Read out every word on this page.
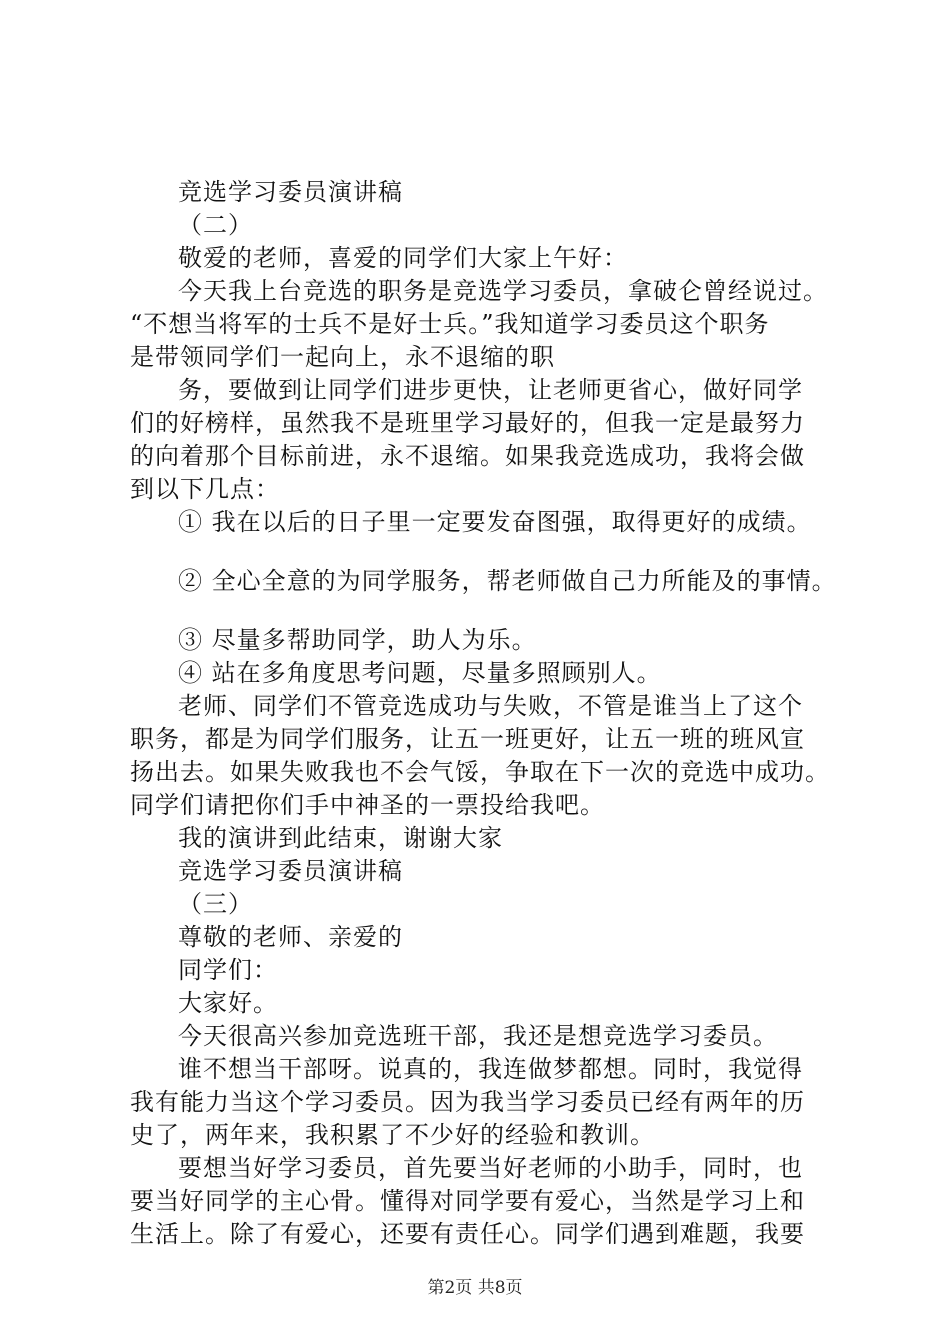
竞选学习委员演讲稿
（二）
敬爱的老师，喜爱的同学们大家上午好：
今天我上台竞选的职务是竞选学习委员，拿破仑曾经说过。
“不想当将军的士兵不是好士兵。”我知道学习委员这个职务
是带领同学们一起向上，永不退缩的职
务，要做到让同学们进步更快，让老师更省心，做好同学
们的好榜样，虽然我不是班里学习最好的，但我一定是最努力
的向着那个目标前进，永不退缩。如果我竞选成功，我将会做
到以下几点：
① 我在以后的日子里一定要发奋图强，取得更好的成绩。
② 全心全意的为同学服务，帮老师做自己力所能及的事情。
③ 尽量多帮助同学，助人为乐。
④ 站在多角度思考问题，尽量多照顾别人。
老师、同学们不管竞选成功与失败，不管是谁当上了这个
职务，都是为同学们服务，让五一班更好，让五一班的班风宣
扬出去。如果失败我也不会气馁，争取在下一次的竞选中成功。
同学们请把你们手中神圣的一票投给我吧。
我的演讲到此结束，谢谢大家
竞选学习委员演讲稿
（三）
尊敬的老师、亲爱的
同学们：
大家好。
今天很高兴参加竞选班干部，我还是想竞选学习委员。
谁不想当干部呀。说真的，我连做梦都想。同时，我觉得
我有能力当这个学习委员。因为我当学习委员已经有两年的历
史了，两年来，我积累了不少好的经验和教训。
要想当好学习委员，首先要当好老师的小助手，同时，也
要当好同学的主心骨。懂得对同学要有爱心，当然是学习上和
生活上。除了有爱心，还要有责任心。同学们遇到难题，我要
第2页 共8页
